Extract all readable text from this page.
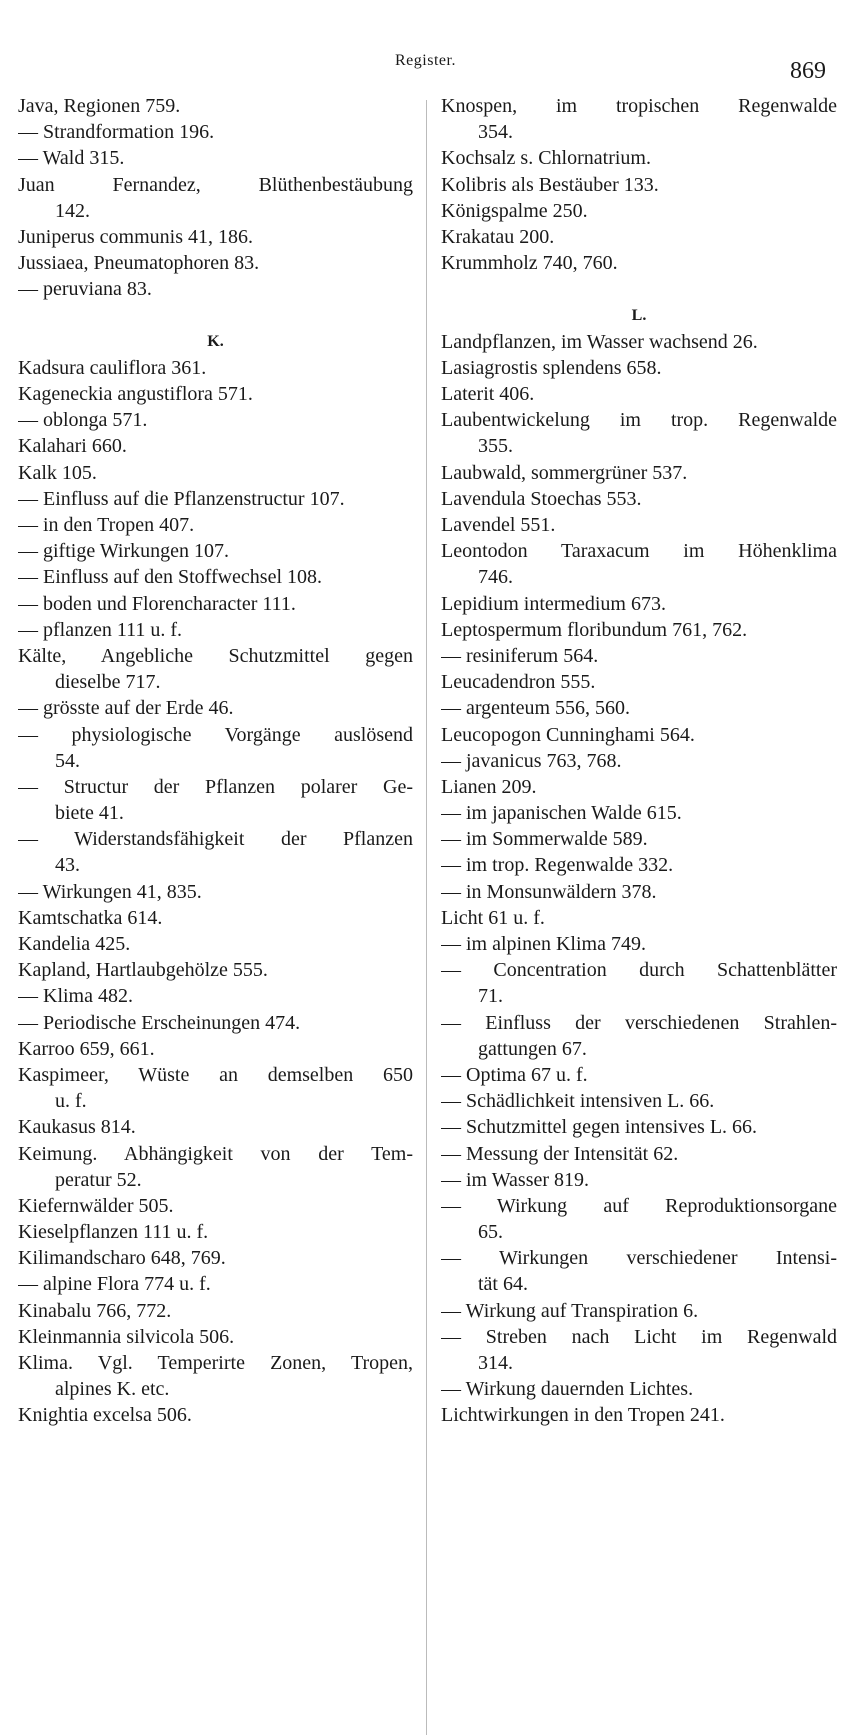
Register.	869
Java, Regionen 759.
— Strandformation 196.
— Wald 315.
Juan Fernandez, Blüthenbestäubung
142.
Juniperus communis 41, 186.
Jussiaea, Pneumatophoren 83.
— peruviana 83.
K.
Kadsura cauliflora 361.
Kageneckia angustiflora 571.
— oblonga 571.
Kalahari 660.
Kalk 105.
— Einfluss auf die Pflanzenstructur 107.
— in den Tropen 407.
— giftige Wirkungen 107.
— Einfluss auf den Stoffwechsel 108.
— boden und Florencharacter 111.
— pflanzen 111 u. f.
Kälte, Angebliche Schutzmittel gegen
dieselbe 717.
— grösste auf der Erde 46.
— physiologische Vorgänge auslösend
54.
— Structur der Pflanzen polarer Ge-
biete 41.
— Widerstandsfähigkeit der Pflanzen
43.
— Wirkungen 41, 835.
Kamtschatka 614.
Kandelia 425.
Kapland, Hartlaubgehölze 555.
— Klima 482.
— Periodische Erscheinungen 474.
Karroo 659, 661.
Kaspimeer, Wüste an demselben 650
u. f.
Kaukasus 814.
Keimung. Abhängigkeit von der Tem-
peratur 52.
Kiefernwälder 505.
Kieselpflanzen 111 u. f.
Kilimandscharo 648, 769.
— alpine Flora 774 u. f.
Kinabalu 766, 772.
Kleinmannia silvicola 506.
Klima. Vgl. Temperirte Zonen, Tropen,
alpines K. etc.
Knightia excelsa 506.
Knospen, im tropischen Regenwalde
354.
Kochsalz s. Chlornatrium.
Kolibris als Bestäuber 133.
Königspalme 250.
Krakatau 200.
Krummholz 740, 760.
L.
Landpflanzen, im Wasser wachsend 26.
Lasiagrostis splendens 658.
Laterit 406.
Laubentwickelung im trop. Regenwalde
355.
Laubwald, sommergrüner 537.
Lavendula Stoechas 553.
Lavendel 551.
Leontodon Taraxacum im Höhenklima
746.
Lepidium intermedium 673.
Leptospermum floribundum 761, 762.
— resiniferum 564.
Leucadendron 555.
— argenteum 556, 560.
Leucopogon Cunninghami 564.
— javanicus 763, 768.
Lianen 209.
— im japanischen Walde 615.
— im Sommerwalde 589.
— im trop. Regenwalde 332.
— in Monsunwäldern 378.
Licht 61 u. f.
— im alpinen Klima 749.
— Concentration durch Schattenblätter
71.
— Einfluss der verschiedenen Strahlen-
gattungen 67.
— Optima 67 u. f.
— Schädlichkeit intensiven L. 66.
— Schutzmittel gegen intensives L. 66.
— Messung der Intensität 62.
— im Wasser 819.
— Wirkung auf Reproduktionsorgane
65.
— Wirkungen verschiedener Intensi-
tät 64.
— Wirkung auf Transpiration 6.
— Streben nach Licht im Regenwald
314.
— Wirkung dauernden Lichtes.
Lichtwirkungen in den Tropen 241.
